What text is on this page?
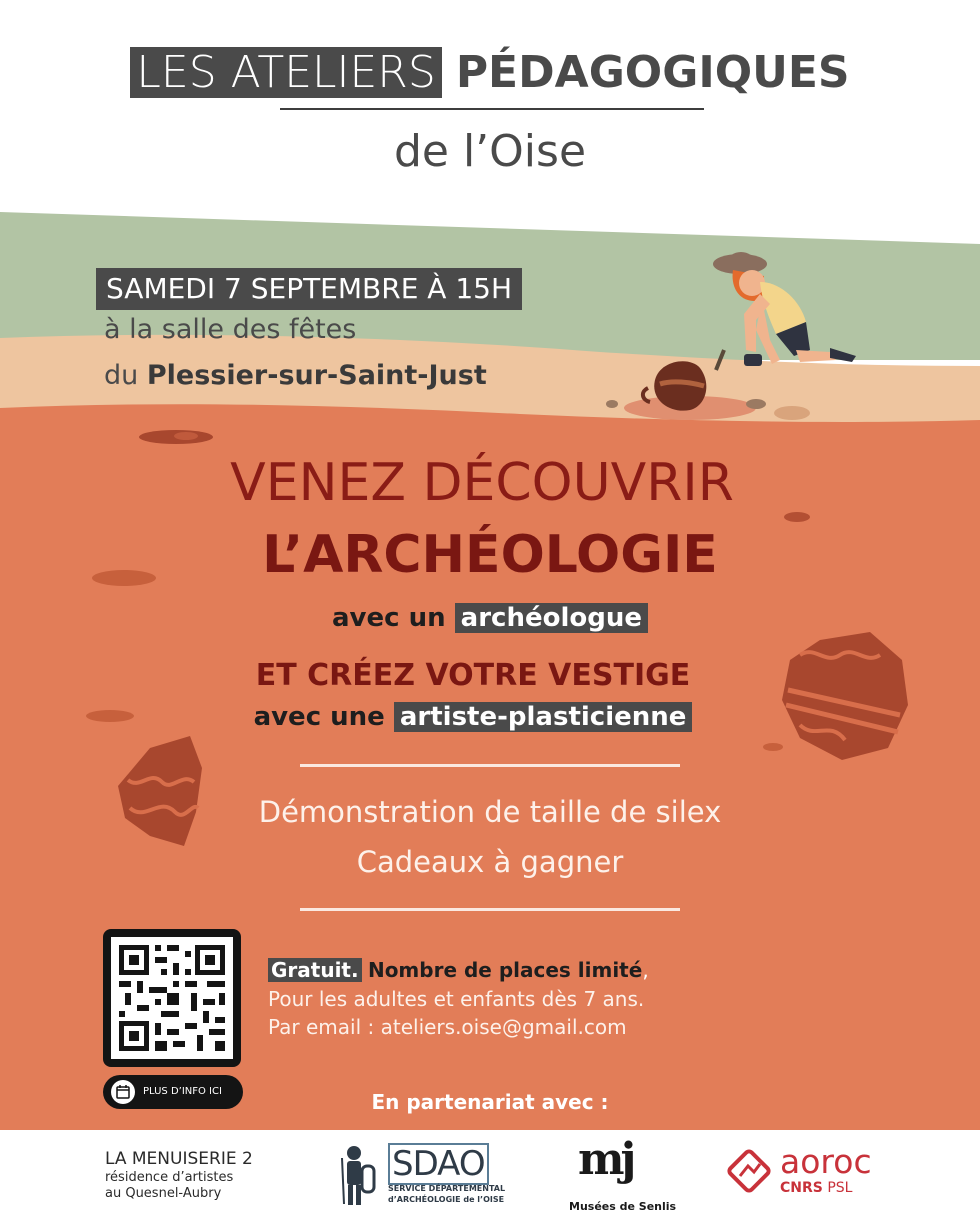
LES ATELIERS PÉDAGOGIQUES
de l’Oise
SAMEDI 7 SEPTEMBRE À 15H
à la salle des fêtes
du Plessier-sur-Saint-Just
VENEZ DÉCOUVRIR
L’ARCHÉOLOGIE
avec un archéologue
ET CRÉEZ VOTRE VESTIGE
avec une artiste-plasticienne
Démonstration de taille de silex
Cadeaux à gagner
PLUS D’INFO ICI
Gratuit. Nombre de places limité,
Pour les adultes et enfants dès 7 ans.
Par email : ateliers.oise@gmail.com
En partenariat avec :
LA MENUISERIE 2
résidence d’artistes
au Quesnel-Aubry
SDAO
SERVICE DÉPARTEMENTAL
d’ARCHÉOLOGIE de l’OISE
mj
Musées de Senlis
aoroc
CNRS PSL
